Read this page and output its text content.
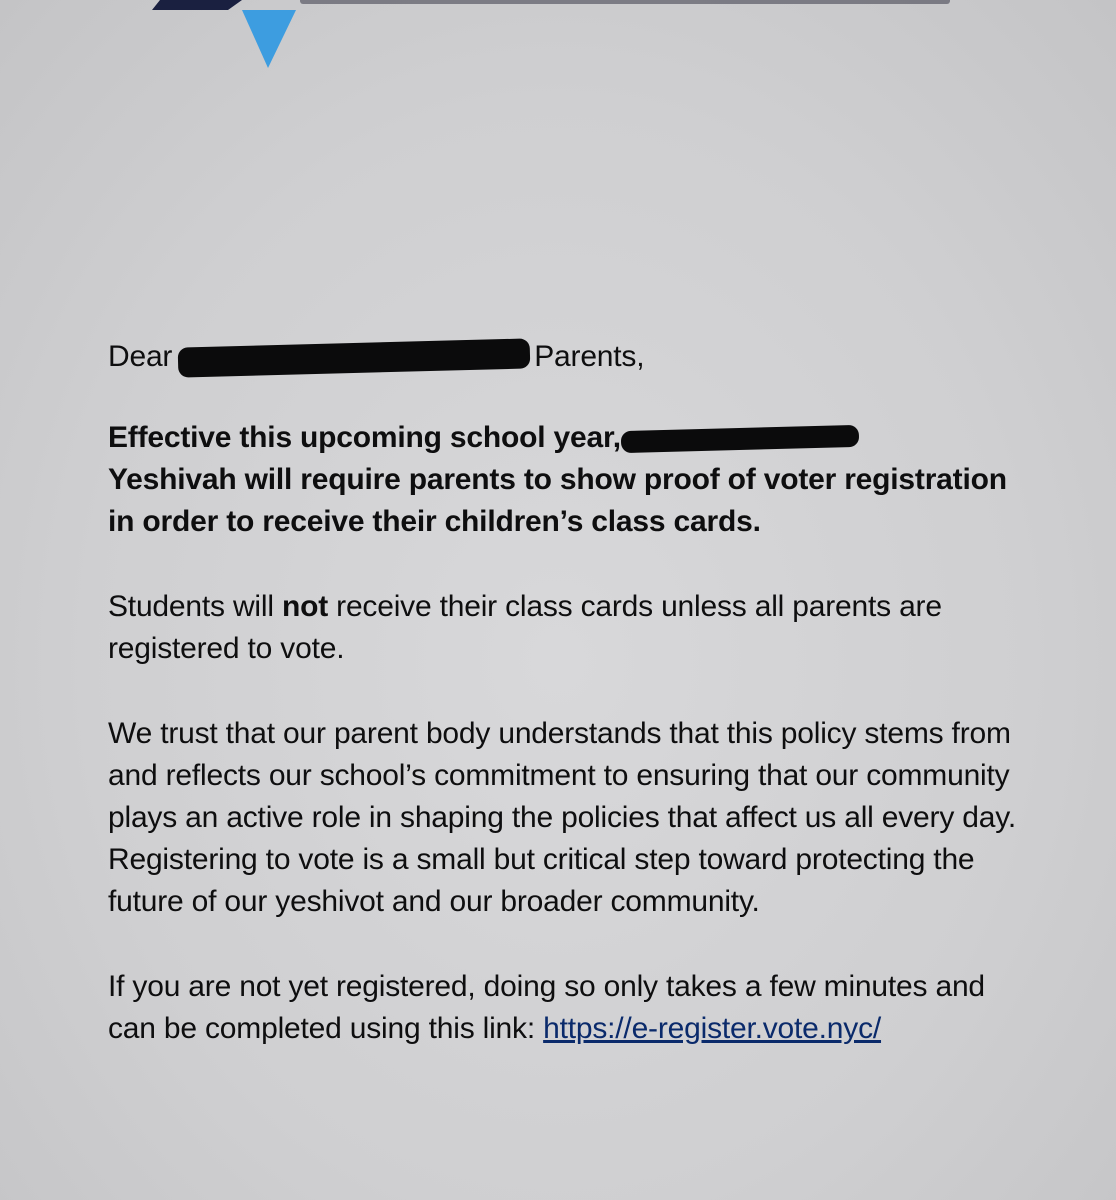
Dear	Parents,

Effective this upcoming school year,
Yeshivah will require parents to show proof of voter registration in order to receive their children’s class cards.

Students will not receive their class cards unless all parents are registered to vote.

We trust that our parent body understands that this policy stems from and reflects our school’s commitment to ensuring that our community plays an active role in shaping the policies that affect us all every day. Registering to vote is a small but critical step toward protecting the future of our yeshivot and our broader community.

If you are not yet registered, doing so only takes a few minutes and can be completed using this link: https://e-register.vote.nyc/
